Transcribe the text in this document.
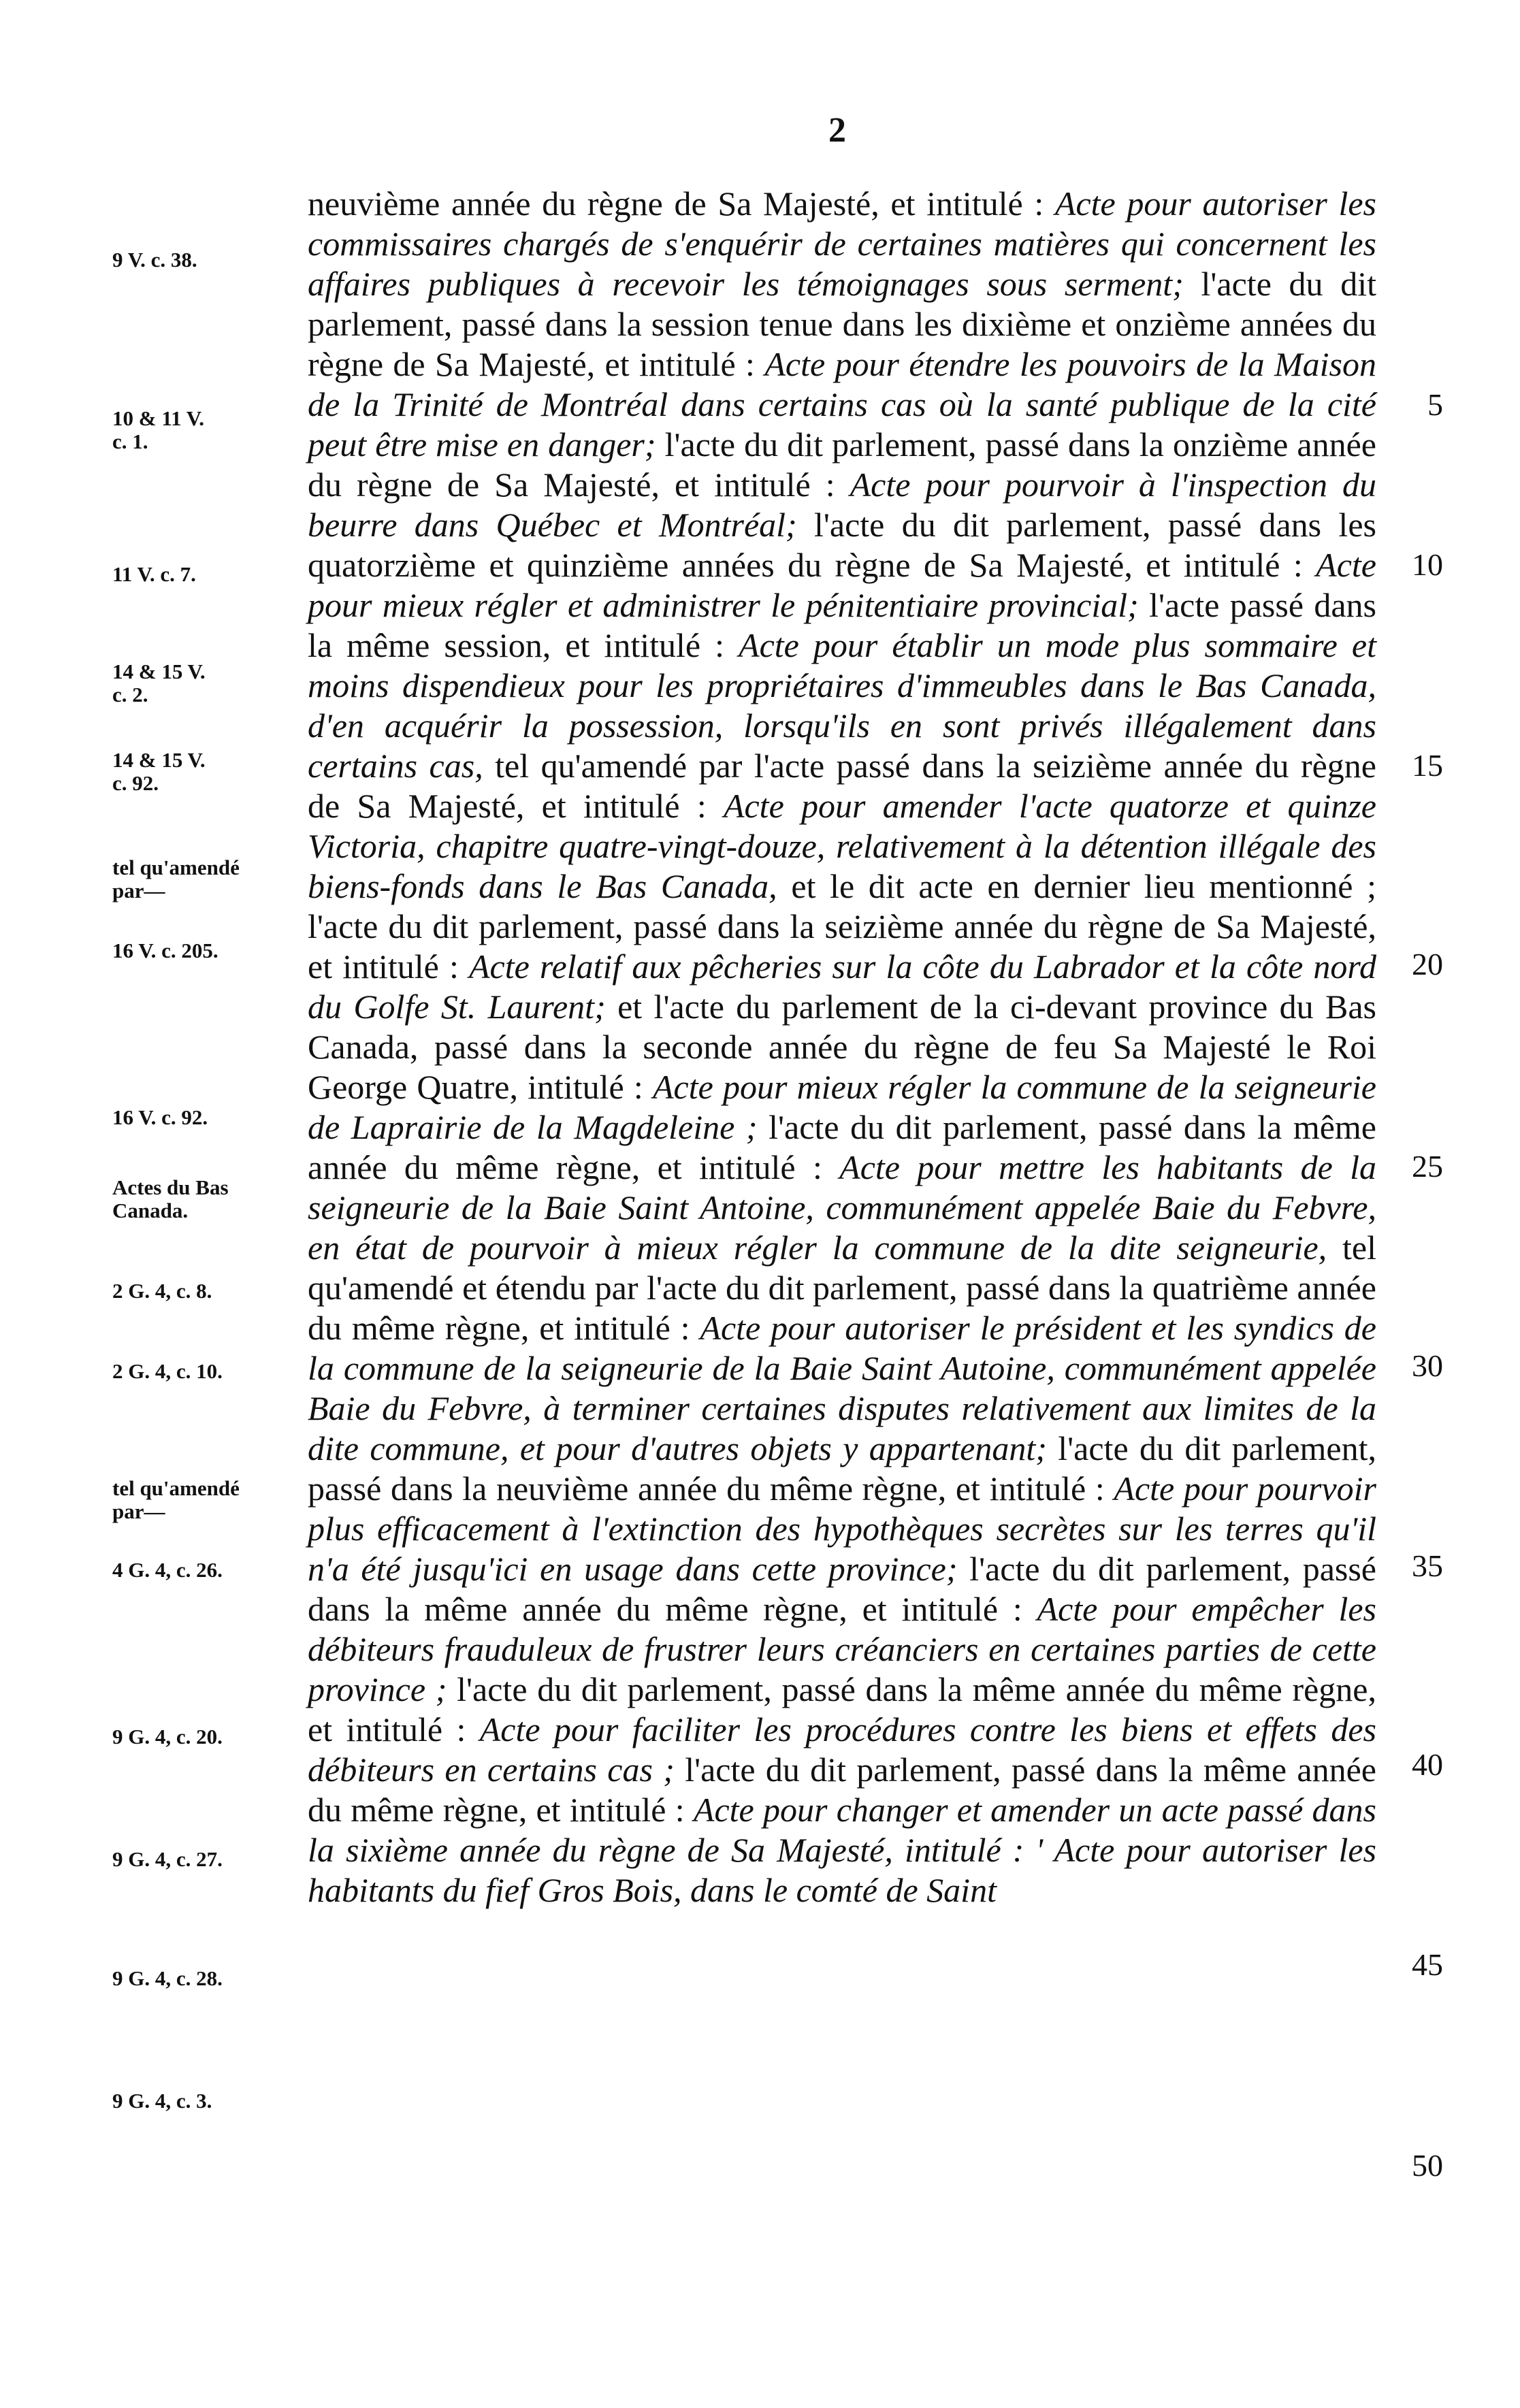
2
9 V. c. 38.
10 & 11 V.
c. 1.
11 V. c. 7.
14 & 15 V.
c. 2.
14 & 15 V.
c. 92.
tel qu'amendé
par—
16 V. c. 205.
16 V. c. 92.
Actes du Bas
Canada.
2 G. 4, c. 8.
2 G. 4, c. 10.
tel qu'amendé
par—
4 G. 4, c. 26.
9 G. 4, c. 20.
9 G. 4, c. 27.
9 G. 4, c. 28.
9 G. 4, c. 3.
neuvième année du règne de Sa Majesté, et intitulé : Acte pour autoriser les commissaires chargés de s'enquérir de certaines matières qui concernent les affaires publiques à recevoir les témoignages sous serment; l'acte du dit parlement, passé dans la session tenue dans les dixième et onzième années du règne de Sa Majesté, et intitulé : Acte pour étendre les pouvoirs de la Maison de la Trinité de Montréal dans certains cas où la santé publique de la cité peut être mise en danger; l'acte du dit parlement, passé dans la onzième année du règne de Sa Majesté, et intitulé : Acte pour pourvoir à l'inspection du beurre dans Québec et Montréal; l'acte du dit parlement, passé dans les quatorzième et quinzième années du règne de Sa Majesté, et intitulé : Acte pour mieux régler et administrer le pénitentiaire provincial; l'acte passé dans la même session, et intitulé : Acte pour établir un mode plus sommaire et moins dispendieux pour les propriétaires d'immeubles dans le Bas Canada, d'en acquérir la possession, lorsqu'ils en sont privés illégalement dans certains cas, tel qu'amendé par l'acte passé dans la seizième année du règne de Sa Majesté, et intitulé : Acte pour amender l'acte quatorze et quinze Victoria, chapitre quatre-vingt-douze, relativement à la détention illégale des biens-fonds dans le Bas Canada, et le dit acte en dernier lieu mentionné ; l'acte du dit parlement, passé dans la seizième année du règne de Sa Majesté, et intitulé : Acte relatif aux pêcheries sur la côte du Labrador et la côte nord du Golfe St. Laurent; et l'acte du parlement de la ci-devant province du Bas Canada, passé dans la seconde année du règne de feu Sa Majesté le Roi George Quatre, intitulé : Acte pour mieux régler la commune de la seigneurie de Laprairie de la Magdeleine ; l'acte du dit parlement, passé dans la même année du même règne, et intitulé : Acte pour mettre les habitants de la seigneurie de la Baie Saint Antoine, communément appelée Baie du Febvre, en état de pourvoir à mieux régler la commune de la dite seigneurie, tel qu'amendé et étendu par l'acte du dit parlement, passé dans la quatrième année du même règne, et intitulé : Acte pour autoriser le président et les syndics de la commune de la seigneurie de la Baie Saint Autoine, communément appelée Baie du Febvre, à terminer certaines disputes relativement aux limites de la dite commune, et pour d'autres objets y appartenant; l'acte du dit parlement, passé dans la neuvième année du même règne, et intitulé : Acte pour pourvoir plus efficacement à l'extinction des hypothèques secrètes sur les terres qu'il n'a été jusqu'ici en usage dans cette province; l'acte du dit parlement, passé dans la même année du même règne, et intitulé : Acte pour empêcher les débiteurs frauduleux de frustrer leurs créanciers en certaines parties de cette province ; l'acte du dit parlement, passé dans la même année du même règne, et intitulé : Acte pour faciliter les procédures contre les biens et effets des débiteurs en certains cas ; l'acte du dit parlement, passé dans la même année du même règne, et intitulé : Acte pour changer et amender un acte passé dans la sixième année du règne de Sa Majesté, intitulé : ' Acte pour autoriser les habitants du fief Gros Bois, dans le comté de Saint
5
10
15
20
25
30
35
40
45
50
